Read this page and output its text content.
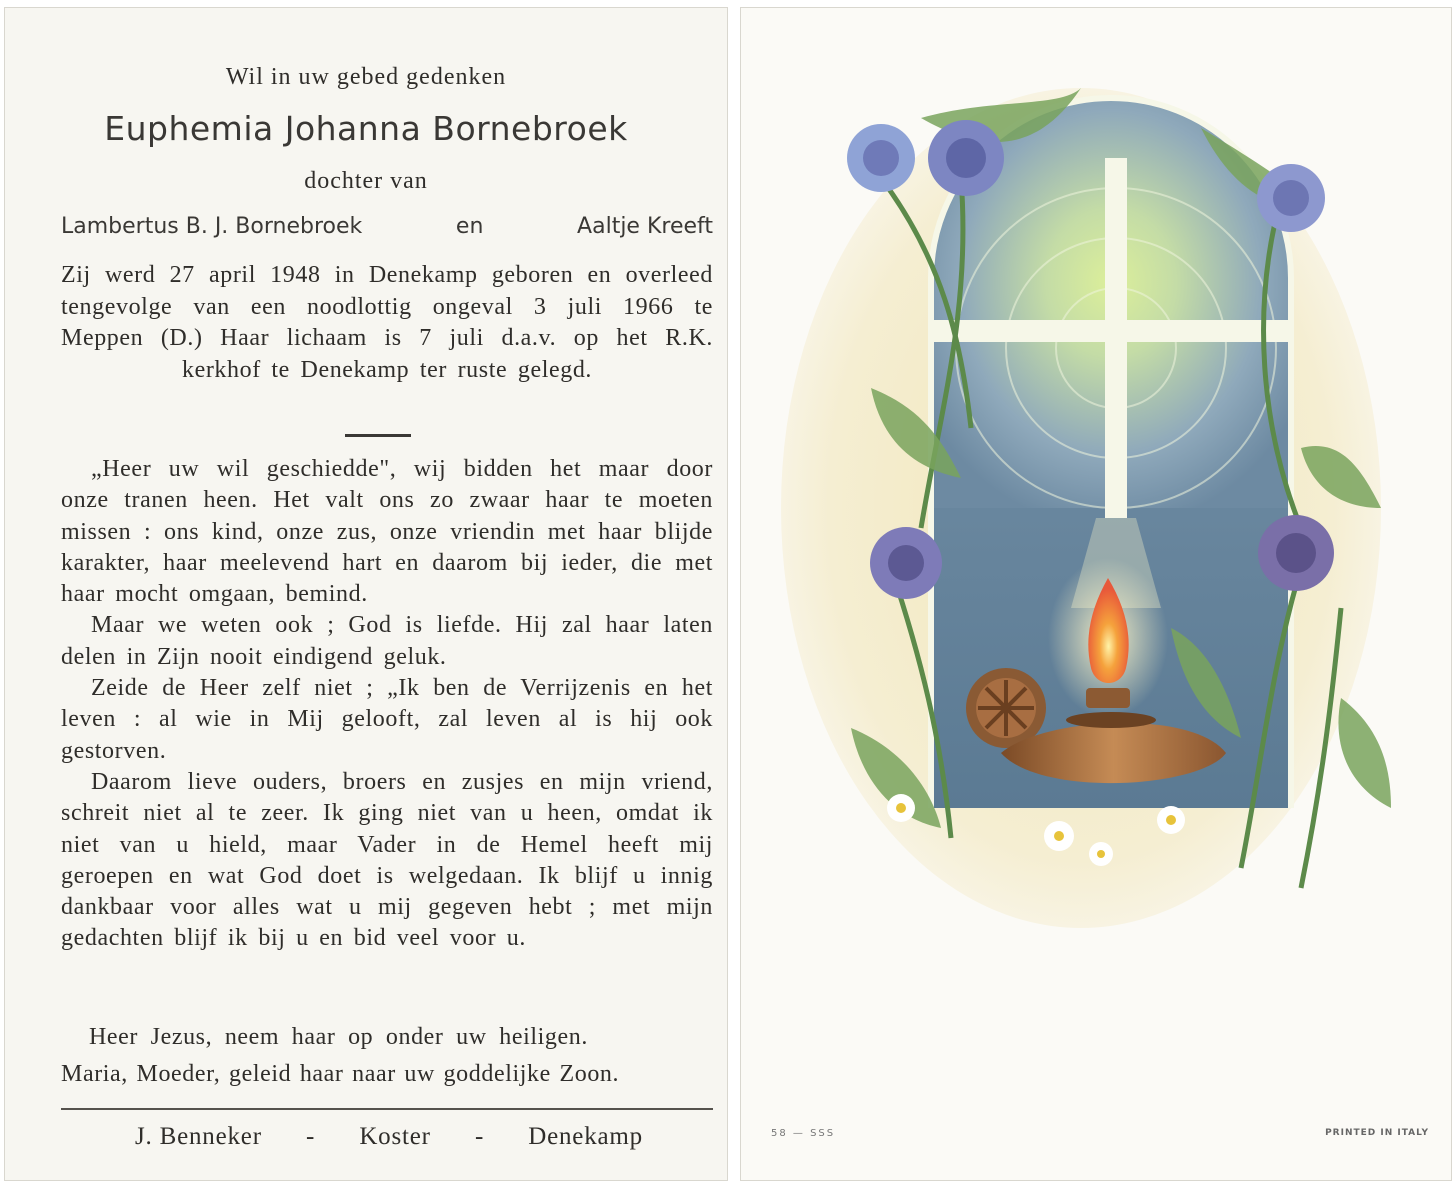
Wil in uw gebed gedenken
Euphemia Johanna Bornebroek
dochter van
Lambertus B. J. Bornebroek	en	Aaltje Kreeft
Zij werd 27 april 1948 in Denekamp geboren en overleed tengevolge van een noodlottig ongeval 3 juli 1966 te Meppen (D.) Haar lichaam is 7 juli d.a.v. op het R.K. kerkhof te Denekamp ter ruste gelegd.

„Heer uw wil geschiedde", wij bidden het maar door onze tranen heen. Het valt ons zo zwaar haar te moeten missen : ons kind, onze zus, onze vriendin met haar blijde karakter, haar meelevend hart en daarom bij ieder, die met haar mocht omgaan, bemind.

Maar we weten ook ; God is liefde. Hij zal haar laten delen in Zijn nooit eindigend geluk.

Zeide de Heer zelf niet ; „Ik ben de Verrijzenis en het leven : al wie in Mij gelooft, zal leven al is hij ook gestorven.

Daarom lieve ouders, broers en zusjes en mijn vriend, schreit niet al te zeer. Ik ging niet van u heen, omdat ik niet van u hield, maar Vader in de Hemel heeft mij geroepen en wat God doet is welgedaan. Ik blijf u innig dankbaar voor alles wat u mij gegeven hebt ; met mijn gedachten blijf ik bij u en bid veel voor u.

Heer Jezus, neem haar op onder uw heiligen.
Maria, Moeder, geleid haar naar uw goddelijke Zoon.
J. Benneker - Koster - Denekamp	58 — SSS	PRINTED IN ITALY
